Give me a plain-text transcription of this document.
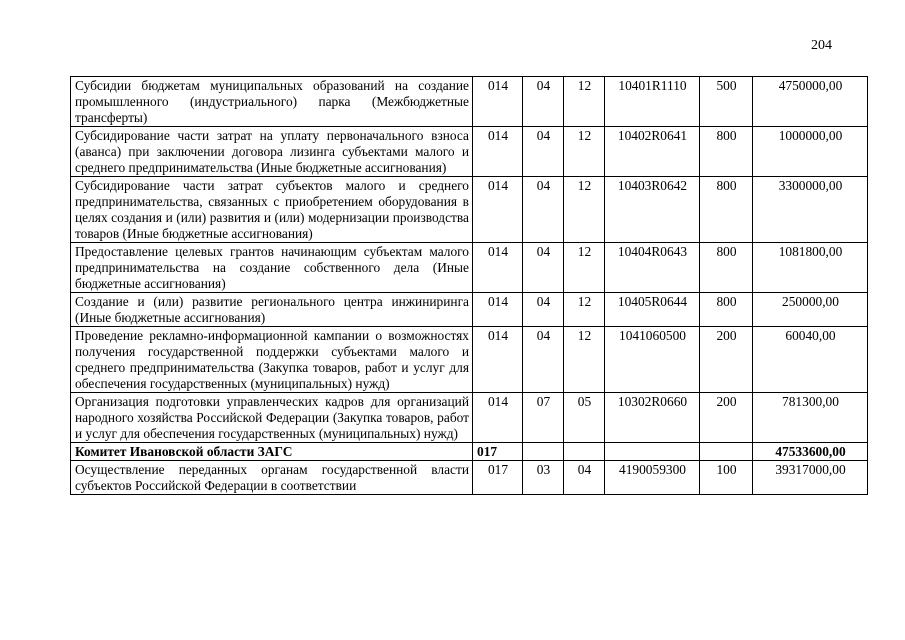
204
Субсидии бюджетам муниципальных образований на создание промышленного (индустриального) парка (Межбюджетные трансферты)	014	04	12	10401R1110	500	4750000,00
Субсидирование части затрат на уплату первоначального взноса (аванса) при заключении договора лизинга субъектами малого и среднего предпринимательства (Иные бюджетные ассигнования)	014	04	12	10402R0641	800	1000000,00
Субсидирование части затрат субъектов малого и среднего предпринимательства, связанных с приобретением оборудования в целях создания и (или) развития и (или) модернизации производства товаров (Иные бюджетные ассигнования)	014	04	12	10403R0642	800	3300000,00
Предоставление целевых грантов начинающим субъектам малого предпринимательства на создание собственного дела (Иные бюджетные ассигнования)	014	04	12	10404R0643	800	1081800,00
Создание и (или) развитие регионального центра инжиниринга (Иные бюджетные ассигнования)	014	04	12	10405R0644	800	250000,00
Проведение рекламно-информационной кампании о возможностях получения государственной поддержки субъектами малого и среднего предпринимательства (Закупка товаров, работ и услуг для обеспечения государственных (муниципальных) нужд)	014	04	12	1041060500	200	60040,00
Организация подготовки управленческих кадров для организаций народного хозяйства Российской Федерации (Закупка товаров, работ и услуг для обеспечения государственных (муниципальных) нужд)	014	07	05	10302R0660	200	781300,00
Комитет Ивановской области ЗАГС	017					47533600,00
Осуществление переданных органам государственной власти субъектов Российской Федерации в соответствии	017	03	04	4190059300	100	39317000,00
